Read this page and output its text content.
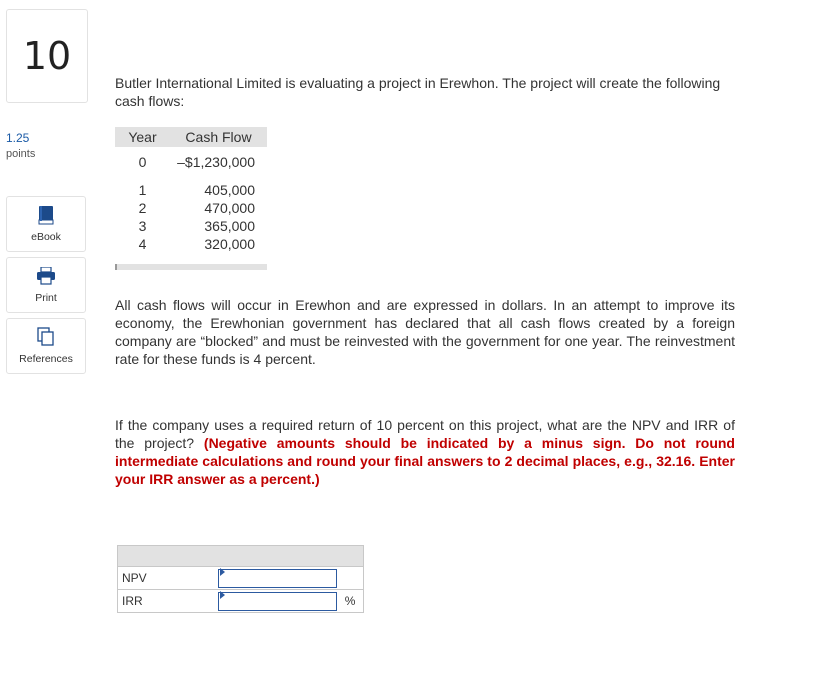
10
1.25
points
eBook
Print
References
Butler International Limited is evaluating a project in Erewhon. The project will create the following cash flows:
Year	Cash Flow
0	–$1,230,000
1	405,000
2	470,000
3	365,000
4	320,000
All cash flows will occur in Erewhon and are expressed in dollars. In an attempt to improve its economy, the Erewhonian government has declared that all cash flows created by a foreign company are “blocked” and must be reinvested with the government for one year. The reinvestment rate for these funds is 4 percent.
If the company uses a required return of 10 percent on this project, what are the NPV and IRR of the project? (Negative amounts should be indicated by a minus sign. Do not round intermediate calculations and round your final answers to 2 decimal places, e.g., 32.16. Enter your IRR answer as a percent.)
NPV
IRR	%
